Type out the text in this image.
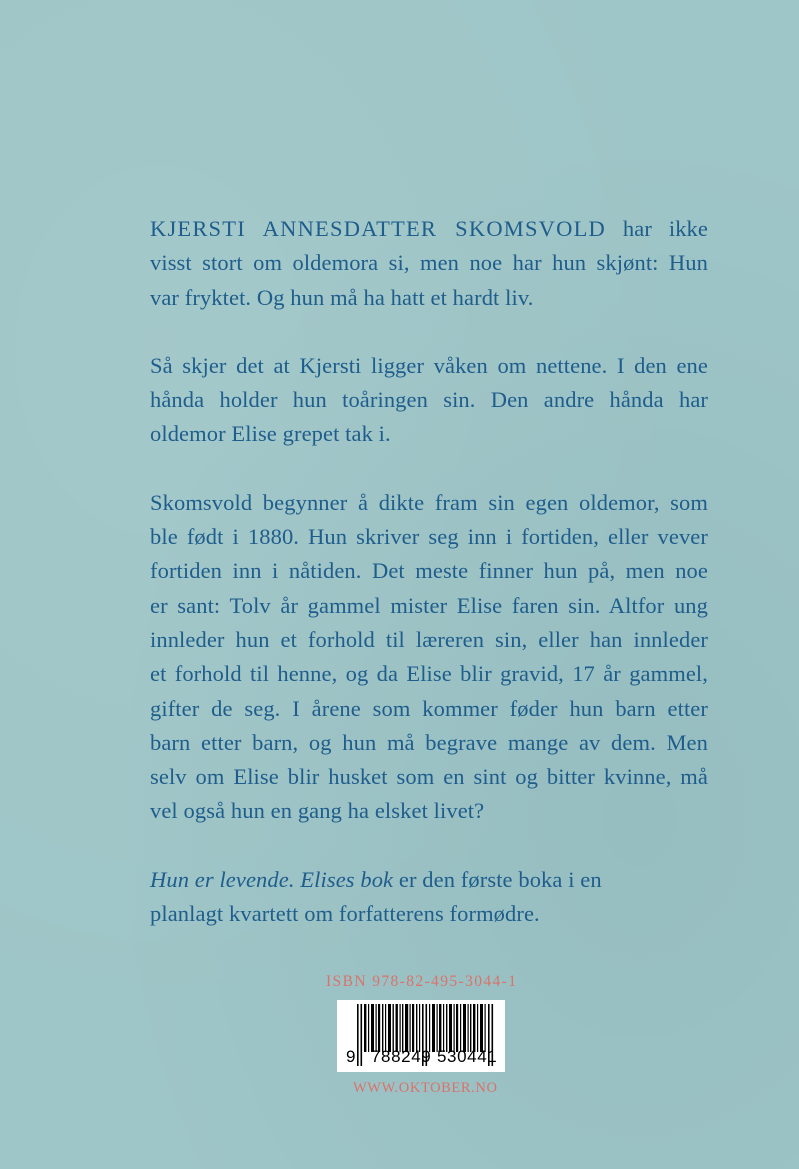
KJERSTI ANNESDATTER SKOMSVOLD har ikke
visst stort om oldemora si, men noe har hun skjønt: Hun
var fryktet. Og hun må ha hatt et hardt liv.
Så skjer det at Kjersti ligger våken om nettene. I den ene
hånda holder hun toåringen sin. Den andre hånda har
oldemor Elise grepet tak i.
Skomsvold begynner å dikte fram sin egen oldemor, som
ble født i 1880. Hun skriver seg inn i fortiden, eller vever
fortiden inn i nåtiden. Det meste finner hun på, men noe
er sant: Tolv år gammel mister Elise faren sin. Altfor ung
innleder hun et forhold til læreren sin, eller han innleder
et forhold til henne, og da Elise blir gravid, 17 år gammel,
gifter de seg. I årene som kommer føder hun barn etter
barn etter barn, og hun må begrave mange av dem. Men
selv om Elise blir husket som en sint og bitter kvinne, må
vel også hun en gang ha elsket livet?
Hun er levende. Elises bok er den første boka i en
planlagt kvartett om forfatterens formødre.
ISBN 978-82-495-3044-1
9 788249 530441
WWW.OKTOBER.NO
